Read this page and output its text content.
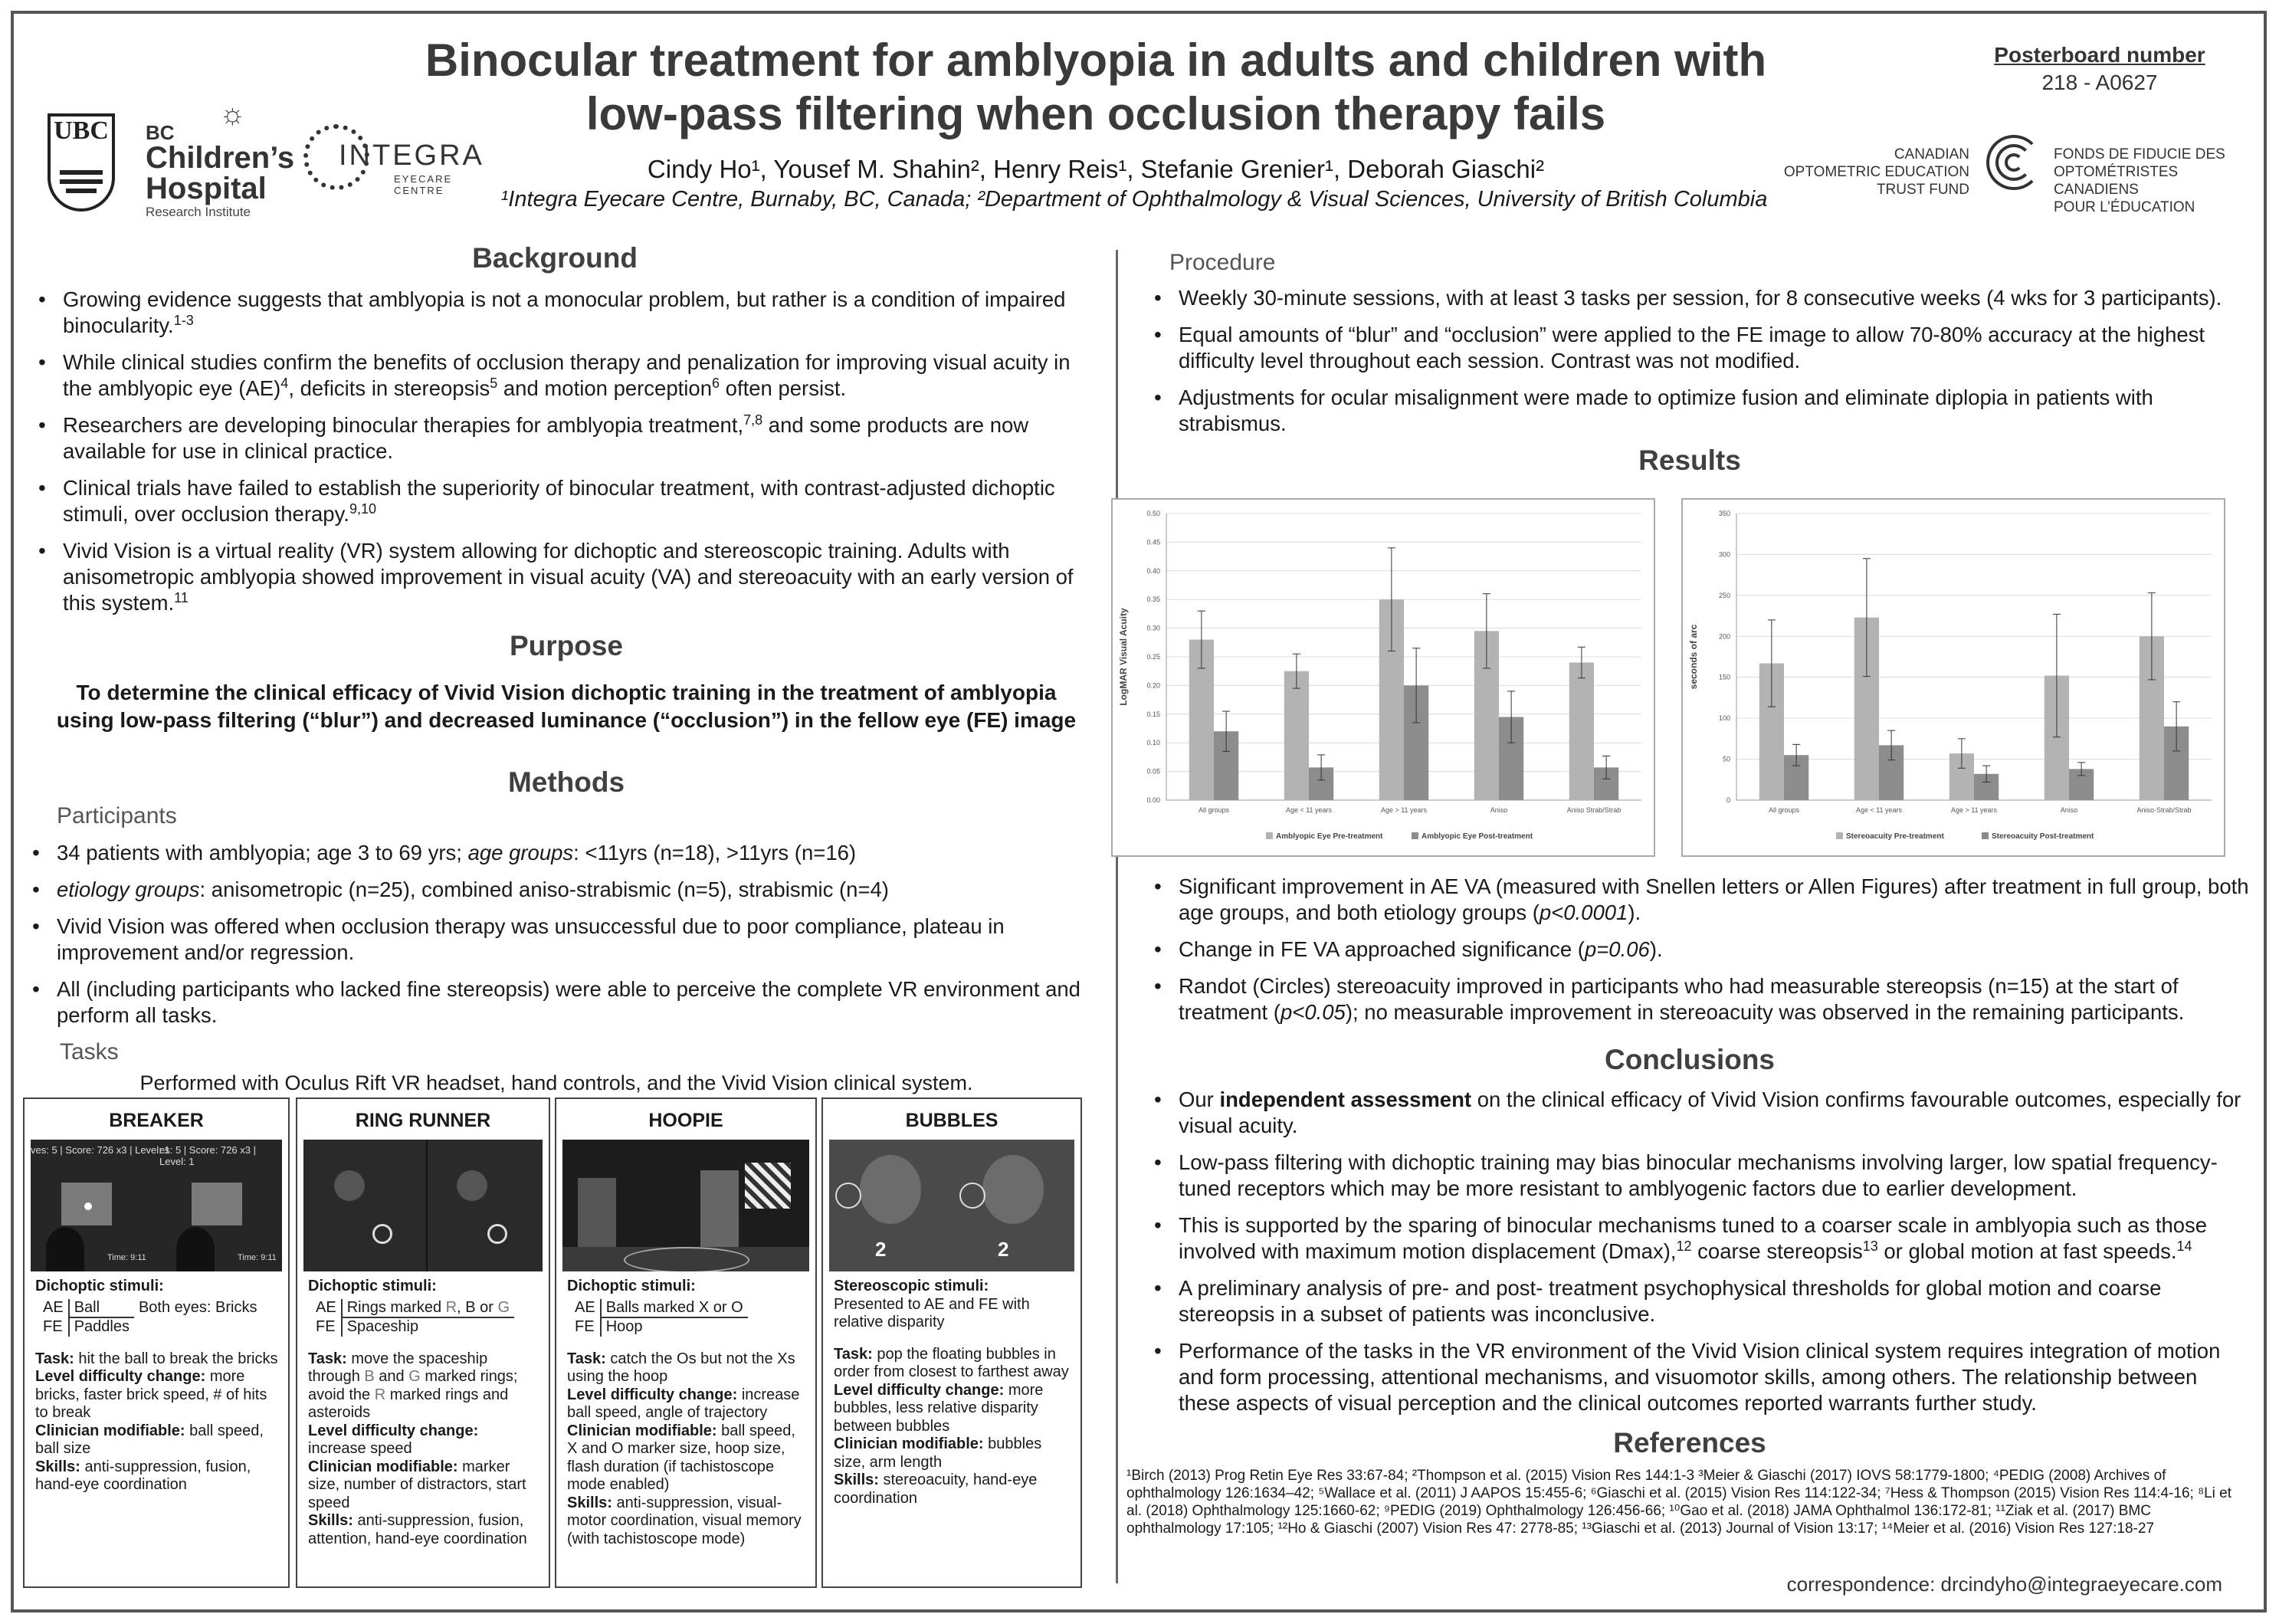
UBC
☼
BC
Children’s
Hospital
Research Institute
INTEGRA
EYECARE CENTRE
Binocular treatment for amblyopia in adults and children with
low-pass filtering when occlusion therapy fails
Cindy Ho¹, Yousef M. Shahin², Henry Reis¹, Stefanie Grenier¹, Deborah Giaschi²
¹Integra Eyecare Centre, Burnaby, BC, Canada; ²Department of Ophthalmology & Visual Sciences, University of British Columbia
Posterboard number
218 - A0627
CANADIAN
OPTOMETRIC EDUCATION
TRUST FUND
FONDS DE FIDUCIE DES
OPTOMÉTRISTES CANADIENS
POUR L’ÉDUCATION
Background
• Growing evidence suggests that amblyopia is not a monocular problem, but rather is a condition of impaired binocularity.$^{1-3}$
• While clinical studies confirm the benefits of occlusion therapy and penalization for improving visual acuity in the amblyopic eye (AE)$^4$, deficits in stereopsis$^5$ and motion perception$^6$ often persist.
• Researchers are developing binocular therapies for amblyopia treatment,$^{7,8}$ and some products are now available for use in clinical practice.
• Clinical trials have failed to establish the superiority of binocular treatment, with contrast-adjusted dichoptic stimuli, over occlusion therapy.$^{9,10}$
• Vivid Vision is a virtual reality (VR) system allowing for dichoptic and stereoscopic training. Adults with anisometropic amblyopia showed improvement in visual acuity (VA) and stereoacuity with an early version of this system.$^{11}$
Purpose
To determine the clinical efficacy of Vivid Vision dichoptic training in the treatment of amblyopia
using low-pass filtering (“blur”) and decreased luminance (“occlusion”) in the fellow eye (FE) image
Methods
Participants
• 34 patients with amblyopia; age 3 to 69 yrs; age groups: <11yrs (n=18), >11yrs (n=16)
• etiology groups: anisometropic (n=25), combined aniso-strabismic (n=5), strabismic (n=4)
• Vivid Vision was offered when occlusion therapy was unsuccessful due to poor compliance, plateau in improvement and/or regression.
• All (including participants who lacked fine stereopsis) were able to perceive the complete VR environment and perform all tasks.
Tasks
Performed with Oculus Rift VR headset, hand controls, and the Vivid Vision clinical system.
BREAKER
ves: 5 | Score: 726 x3 | Level: 1
es: 5 | Score: 726 x3 | Level: 1
Time: 9:11	Time: 9:11
Dichoptic stimuli:
AE	Ball	Both eyes: Bricks
FE	Paddles	
Task: hit the ball to break the bricks
Level difficulty change: more bricks, faster brick speed, # of hits to break
Clinician modifiable: ball speed, ball size
Skills: anti-suppression, fusion, hand-eye coordination
RING RUNNER
Dichoptic stimuli:
AE	Rings marked R, B or G
FE	Spaceship
Task: move the spaceship through B and G marked rings; avoid the R marked rings and asteroids
Level difficulty change: increase speed
Clinician modifiable: marker size, number of distractors, start speed
Skills: anti-suppression, fusion, attention, hand-eye coordination
HOOPIE
Dichoptic stimuli:
AE	Balls marked X or O
FE	Hoop
Task: catch the Os but not the Xs using the hoop
Level difficulty change: increase ball speed, angle of trajectory
Clinician modifiable: ball speed, X and O marker size, hoop size, flash duration (if tachistoscope mode enabled)
Skills: anti-suppression, visual-motor coordination, visual memory (with tachistoscope mode)
BUBBLES
2	2
Stereoscopic stimuli:
Presented to AE and FE with relative disparity
Task: pop the floating bubbles in order from closest to farthest away
Level difficulty change: more bubbles, less relative disparity between bubbles
Clinician modifiable: bubbles size, arm length
Skills: stereoacuity, hand-eye coordination
Procedure
• Weekly 30-minute sessions, with at least 3 tasks per session, for 8 consecutive weeks (4 wks for 3 participants).
• Equal amounts of “blur” and “occlusion” were applied to the FE image to allow 70-80% accuracy at the highest difficulty level throughout each session. Contrast was not modified.
• Adjustments for ocular misalignment were made to optimize fusion and eliminate diplopia in patients with strabismus.
Results
0.00
0.05
0.10
0.15
0.20
0.25
0.30
0.35
0.40
0.45
0.50
LogMAR Visual Acuity
All groups	Age < 11 years	Age > 11 years	Aniso	Aniso Strab/Strab
Amblyopic Eye Pre-treatment	Amblyopic Eye Post-treatment
0
50
100
150
200
250
300
350
seconds of arc
All groups	Age < 11 years	Age > 11 years	Aniso	Aniso-Strab/Strab
Stereoacuity Pre-treatment	Stereoacuity Post-treatment
• Significant improvement in AE VA (measured with Snellen letters or Allen Figures) after treatment in full group, both age groups, and both etiology groups (p<0.0001).
• Change in FE VA approached significance (p=0.06).
• Randot (Circles) stereoacuity improved in participants who had measurable stereopsis (n=15) at the start of treatment (p<0.05); no measurable improvement in stereoacuity was observed in the remaining participants.
Conclusions
• Our independent assessment on the clinical efficacy of Vivid Vision confirms favourable outcomes, especially for visual acuity.
• Low-pass filtering with dichoptic training may bias binocular mechanisms involving larger, low spatial frequency-tuned receptors which may be more resistant to amblyogenic factors due to earlier development.
• This is supported by the sparing of binocular mechanisms tuned to a coarser scale in amblyopia such as those involved with maximum motion displacement (Dmax),$^{12}$ coarse stereopsis$^{13}$ or global motion at fast speeds.$^{14}$
• A preliminary analysis of pre- and post- treatment psychophysical thresholds for global motion and coarse stereopsis in a subset of patients was inconclusive.
• Performance of the tasks in the VR environment of the Vivid Vision clinical system requires integration of motion and form processing, attentional mechanisms, and visuomotor skills, among others. The relationship between these aspects of visual perception and the clinical outcomes reported warrants further study.
References
¹Birch (2013) Prog Retin Eye Res 33:67-84; ²Thompson et al. (2015) Vision Res 144:1-3 ³Meier & Giaschi (2017) IOVS 58:1779-1800; ⁴PEDIG (2008) Archives of ophthalmology 126:1634–42; ⁵Wallace et al. (2011) J AAPOS 15:455-6; ⁶Giaschi et al. (2015) Vision Res 114:122-34; ⁷Hess & Thompson (2015) Vision Res 114:4-16; ⁸Li et al. (2018) Ophthalmology 125:1660-62; ⁹PEDIG (2019) Ophthalmology 126:456-66; ¹⁰Gao et al. (2018) JAMA Ophthalmol 136:172-81; ¹¹Ziak et al. (2017) BMC ophthalmology 17:105; ¹²Ho & Giaschi (2007) Vision Res 47: 2778-85; ¹³Giaschi et al. (2013) Journal of Vision 13:17; ¹⁴Meier et al. (2016) Vision Res 127:18-27
correspondence: drcindyho@integraeyecare.com
